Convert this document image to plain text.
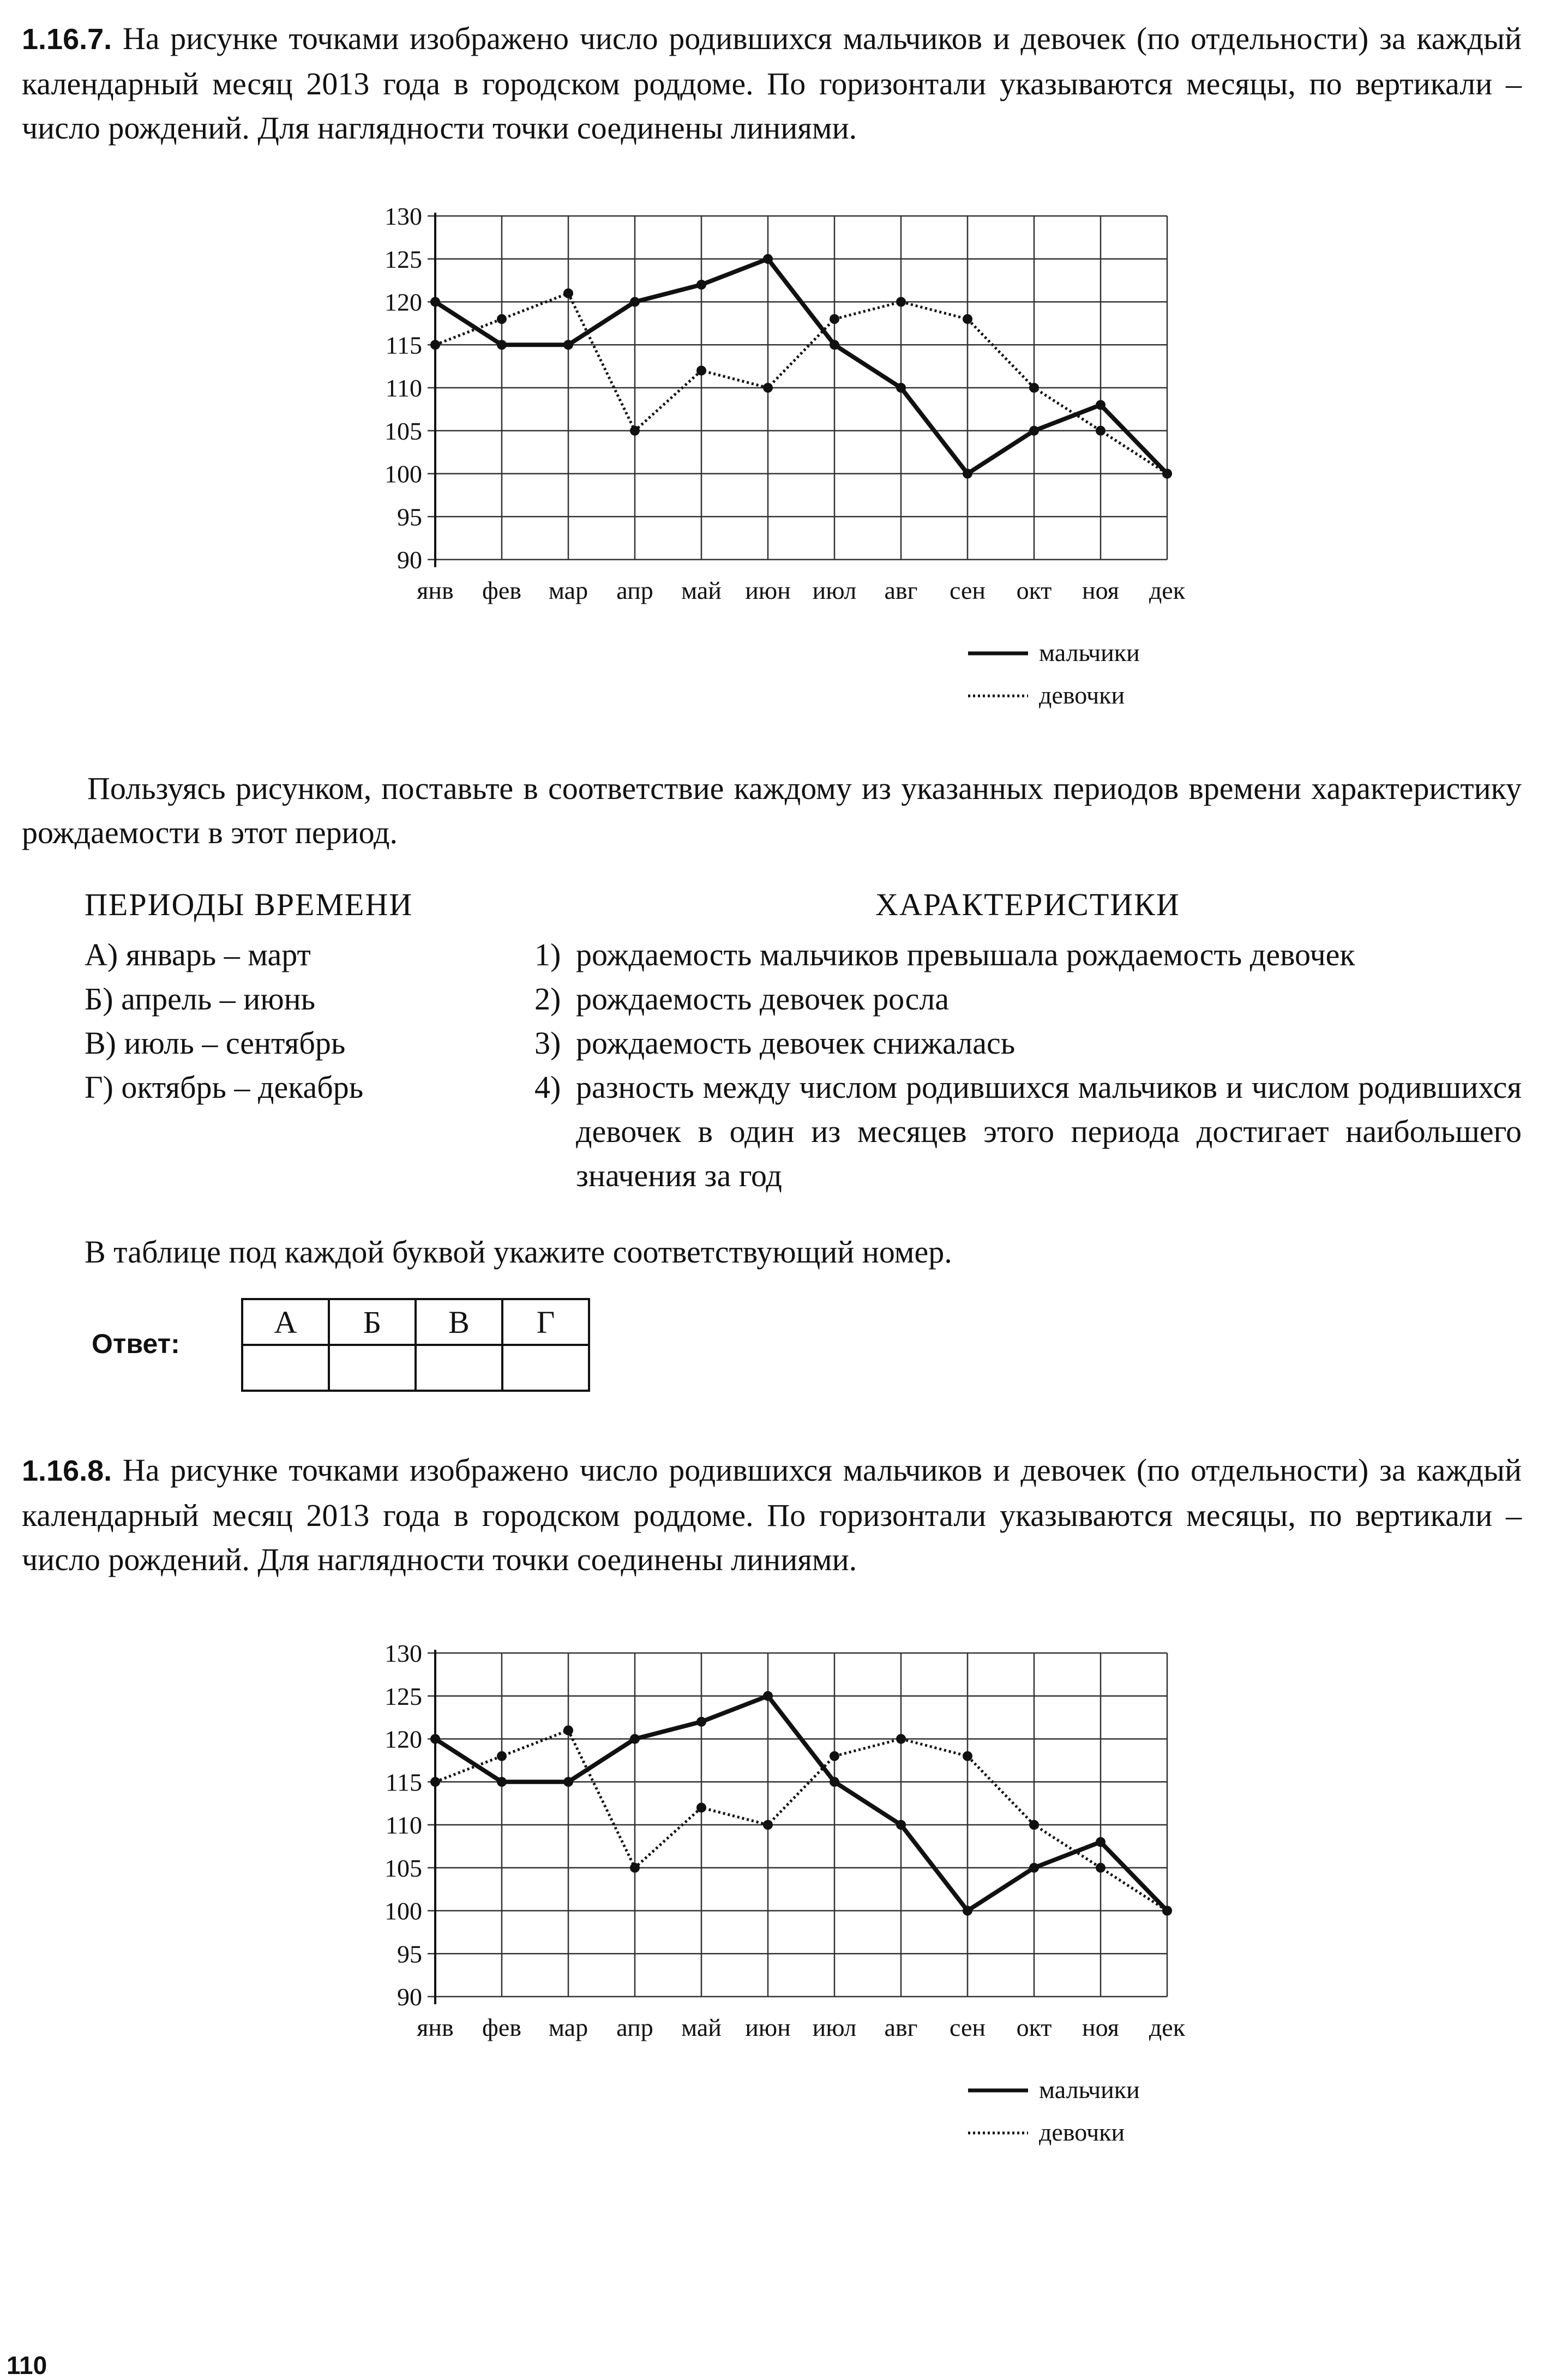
1.16.7. На рисунке точками изображено число родившихся мальчиков и девочек (по отдельности) за каждый календарный месяц 2013 года в городском роддоме. По горизонтали указываются месяцы, по вертикали – число рождений. Для наглядности точки соединены линиями.
90
95
100
105
110
115
120
125
130
янв фев мар апр май июн июл авг сен окт ноя дек
мальчики
девочки
Пользуясь рисунком, поставьте в соответствие каждому из указанных периодов времени характеристику рождаемости в этот период.
ПЕРИОДЫ ВРЕМЕНИ	ХАРАКТЕРИСТИКИ
А) январь – март
Б) апрель – июнь
В) июль – сентябрь
Г) октябрь – декабрь
1) рождаемость мальчиков превышала рождаемость девочек
2) рождаемость девочек росла
3) рождаемость девочек снижалась
4) разность между числом родившихся мальчиков и числом родившихся девочек в один из месяцев этого периода достигает наибольшего значения за год
В таблице под каждой буквой укажите соответствующий номер.
Ответ:
А	Б	В	Г

1.16.8. На рисунке точками изображено число родившихся мальчиков и девочек (по отдельности) за каждый календарный месяц 2013 года в городском роддоме. По горизонтали указываются месяцы, по вертикали – число рождений. Для наглядности точки соединены линиями.
90
95
100
105
110
115
120
125
130
янв фев мар апр май июн июл авг сен окт ноя дек
мальчики
девочки
110
